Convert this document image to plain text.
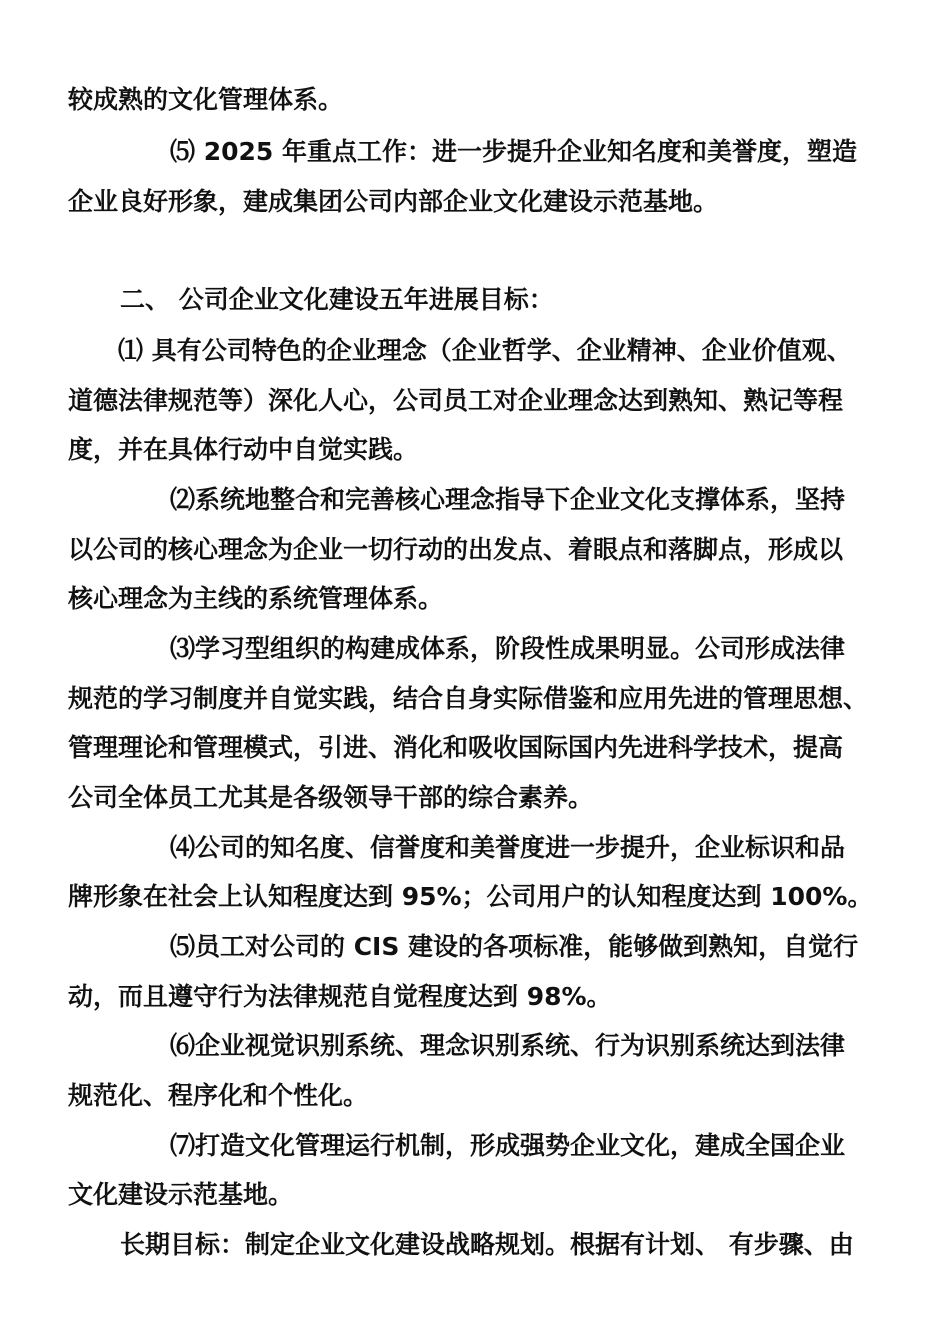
较成熟的文化管理体系。
⑸ 2025 年重点工作：进一步提升企业知名度和美誉度，塑造
企业良好形象，建成集团公司内部企业文化建设示范基地。
二、 公司企业文化建设五年进展目标：
⑴ 具有公司特色的企业理念（企业哲学、企业精神、企业价值观、
道德法律规范等）深化人心，公司员工对企业理念达到熟知、熟记等程
度，并在具体行动中自觉实践。
⑵系统地整合和完善核心理念指导下企业文化支撑体系，坚持
以公司的核心理念为企业一切行动的出发点、着眼点和落脚点，形成以
核心理念为主线的系统管理体系。
⑶学习型组织的构建成体系，阶段性成果明显。公司形成法律
规范的学习制度并自觉实践，结合自身实际借鉴和应用先进的管理思想、
管理理论和管理模式，引进、消化和吸收国际国内先进科学技术，提高
公司全体员工尤其是各级领导干部的综合素养。
⑷公司的知名度、信誉度和美誉度进一步提升，企业标识和品
牌形象在社会上认知程度达到 95%；公司用户的认知程度达到 100%。
⑸员工对公司的 CIS 建设的各项标准，能够做到熟知，自觉行
动，而且遵守行为法律规范自觉程度达到 98%。
⑹企业视觉识别系统、理念识别系统、行为识别系统达到法律
规范化、程序化和个性化。
⑺打造文化管理运行机制，形成强势企业文化，建成全国企业
文化建设示范基地。
长期目标：制定企业文化建设战略规划。根据有计划、 有步骤、由
